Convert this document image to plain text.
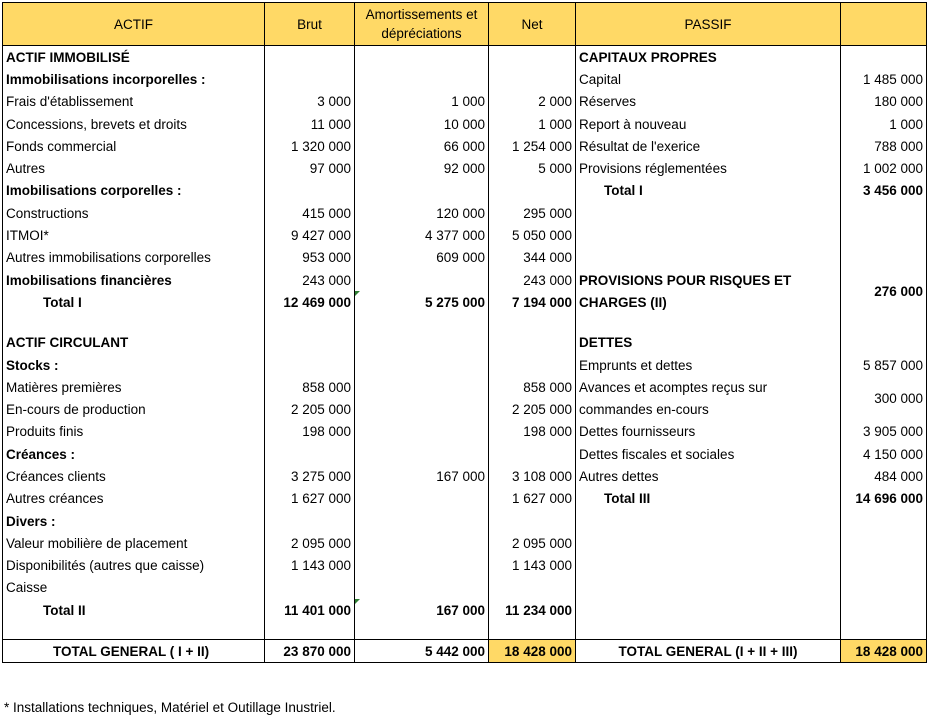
ACTIF	Brut	Amortissements et dépréciations	Net	PASSIF	
ACTIF IMMOBILISÉ				CAPITAUX PROPRES	
Immobilisations incorporelles :				Capital	1 485 000
Frais d'établissement	3 000	1 000	2 000	Réserves	180 000
Concessions, brevets et droits	11 000	10 000	1 000	Report à nouveau	1 000
Fonds commercial	1 320 000	66 000	1 254 000	Résultat de l'exerice	788 000
Autres	97 000	92 000	5 000	Provisions réglementées	1 002 000
Imobilisations corporelles :				Total I	3 456 000
Constructions	415 000	120 000	295 000		
ITMOI*	9 427 000	4 377 000	5 050 000		
Autres immobilisations corporelles	953 000	609 000	344 000		
Imobilisations financières	243 000		243 000	PROVISIONS POUR RISQUES ET	276 000
Total I	12 469 000	5 275 000	7 194 000	CHARGES (II)	

ACTIF CIRCULANT				DETTES	
Stocks :				Emprunts et dettes	5 857 000
Matières premières	858 000		858 000	Avances et acomptes reçus sur	300 000
En-cours de production	2 205 000		2 205 000	commandes en-cours	
Produits finis	198 000		198 000	Dettes fournisseurs	3 905 000
Créances :				Dettes fiscales et sociales	4 150 000
Créances clients	3 275 000	167 000	3 108 000	Autres dettes	484 000
Autres créances	1 627 000		1 627 000	Total III	14 696 000
Divers :					
Valeur mobilière de placement	2 095 000		2 095 000		
Disponibilités (autres que caisse)	1 143 000		1 143 000		
Caisse					
Total II	11 401 000	167 000	11 234 000		

TOTAL GENERAL ( I + II)	23 870 000	5 442 000	18 428 000	TOTAL GENERAL (I + II + III)	18 428 000
* Installations techniques, Matériel et Outillage Inustriel.
